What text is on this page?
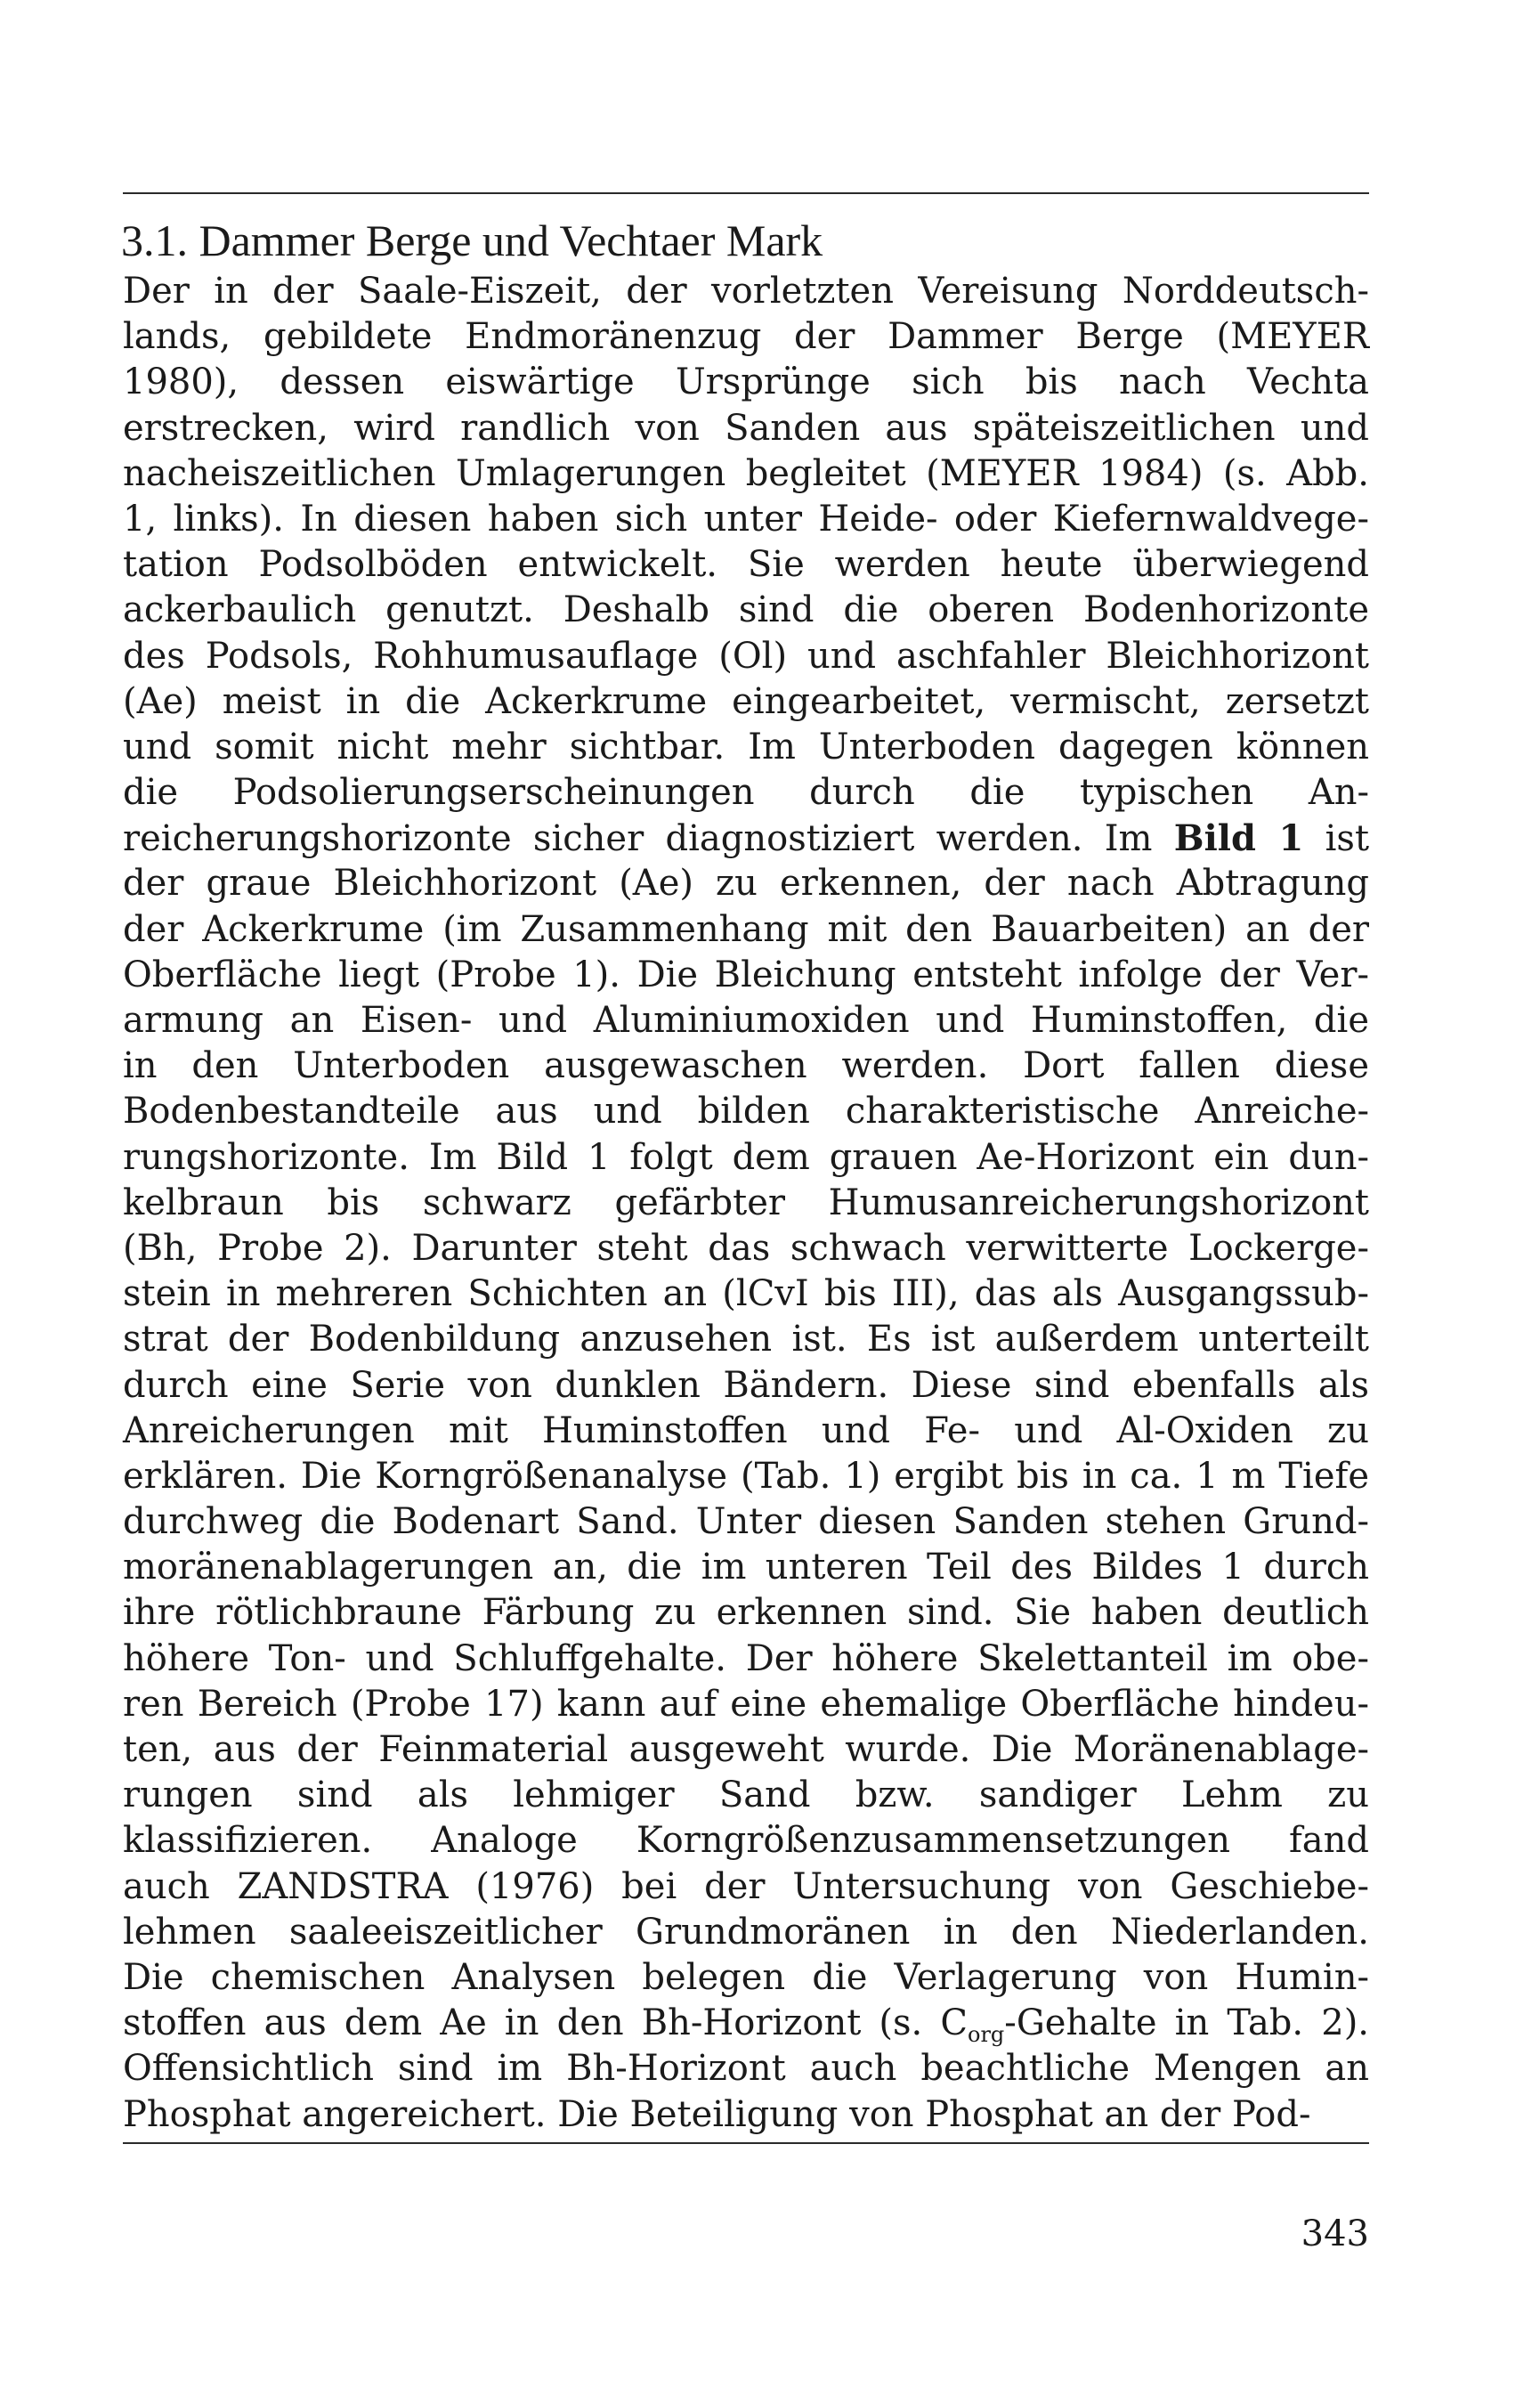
3.1. Dammer Berge und Vechtaer Mark
Der in der Saale-Eiszeit, der vorletzten Vereisung Norddeutsch-
lands, gebildete Endmoränenzug der Dammer Berge (MEYER
1980), dessen eiswärtige Ursprünge sich bis nach Vechta
erstrecken, wird randlich von Sanden aus späteiszeitlichen und
nacheiszeitlichen Umlagerungen begleitet (MEYER 1984) (s. Abb.
1, links). In diesen haben sich unter Heide- oder Kiefernwaldvege-
tation Podsolböden entwickelt. Sie werden heute überwiegend
ackerbaulich genutzt. Deshalb sind die oberen Bodenhorizonte
des Podsols, Rohhumusauflage (Ol) und aschfahler Bleichhorizont
(Ae) meist in die Ackerkrume eingearbeitet, vermischt, zersetzt
und somit nicht mehr sichtbar. Im Unterboden dagegen können
die Podsolierungserscheinungen durch die typischen An-
reicherungshorizonte sicher diagnostiziert werden. Im Bild 1 ist
der graue Bleichhorizont (Ae) zu erkennen, der nach Abtragung
der Ackerkrume (im Zusammenhang mit den Bauarbeiten) an der
Oberfläche liegt (Probe 1). Die Bleichung entsteht infolge der Ver-
armung an Eisen- und Aluminiumoxiden und Huminstoffen, die
in den Unterboden ausgewaschen werden. Dort fallen diese
Bodenbestandteile aus und bilden charakteristische Anreiche-
rungshorizonte. Im Bild 1 folgt dem grauen Ae-Horizont ein dun-
kelbraun bis schwarz gefärbter Humusanreicherungshorizont
(Bh, Probe 2). Darunter steht das schwach verwitterte Lockerge-
stein in mehreren Schichten an (lCvI bis III), das als Ausgangssub-
strat der Bodenbildung anzusehen ist. Es ist außerdem unterteilt
durch eine Serie von dunklen Bändern. Diese sind ebenfalls als
Anreicherungen mit Huminstoffen und Fe- und Al-Oxiden zu
erklären. Die Korngrößenanalyse (Tab. 1) ergibt bis in ca. 1 m Tiefe
durchweg die Bodenart Sand. Unter diesen Sanden stehen Grund-
moränenablagerungen an, die im unteren Teil des Bildes 1 durch
ihre rötlichbraune Färbung zu erkennen sind. Sie haben deutlich
höhere Ton- und Schluffgehalte. Der höhere Skelettanteil im obe-
ren Bereich (Probe 17) kann auf eine ehemalige Oberfläche hindeu-
ten, aus der Feinmaterial ausgeweht wurde. Die Moränenablage-
rungen sind als lehmiger Sand bzw. sandiger Lehm zu
klassifizieren. Analoge Korngrößenzusammensetzungen fand
auch ZANDSTRA (1976) bei der Untersuchung von Geschiebe-
lehmen saaleeiszeitlicher Grundmoränen in den Niederlanden.
Die chemischen Analysen belegen die Verlagerung von Humin-
stoffen aus dem Ae in den Bh-Horizont (s. $C_{org}$-Gehalte in Tab. 2).
Offensichtlich sind im Bh-Horizont auch beachtliche Mengen an
Phosphat angereichert. Die Beteiligung von Phosphat an der Pod-
343
